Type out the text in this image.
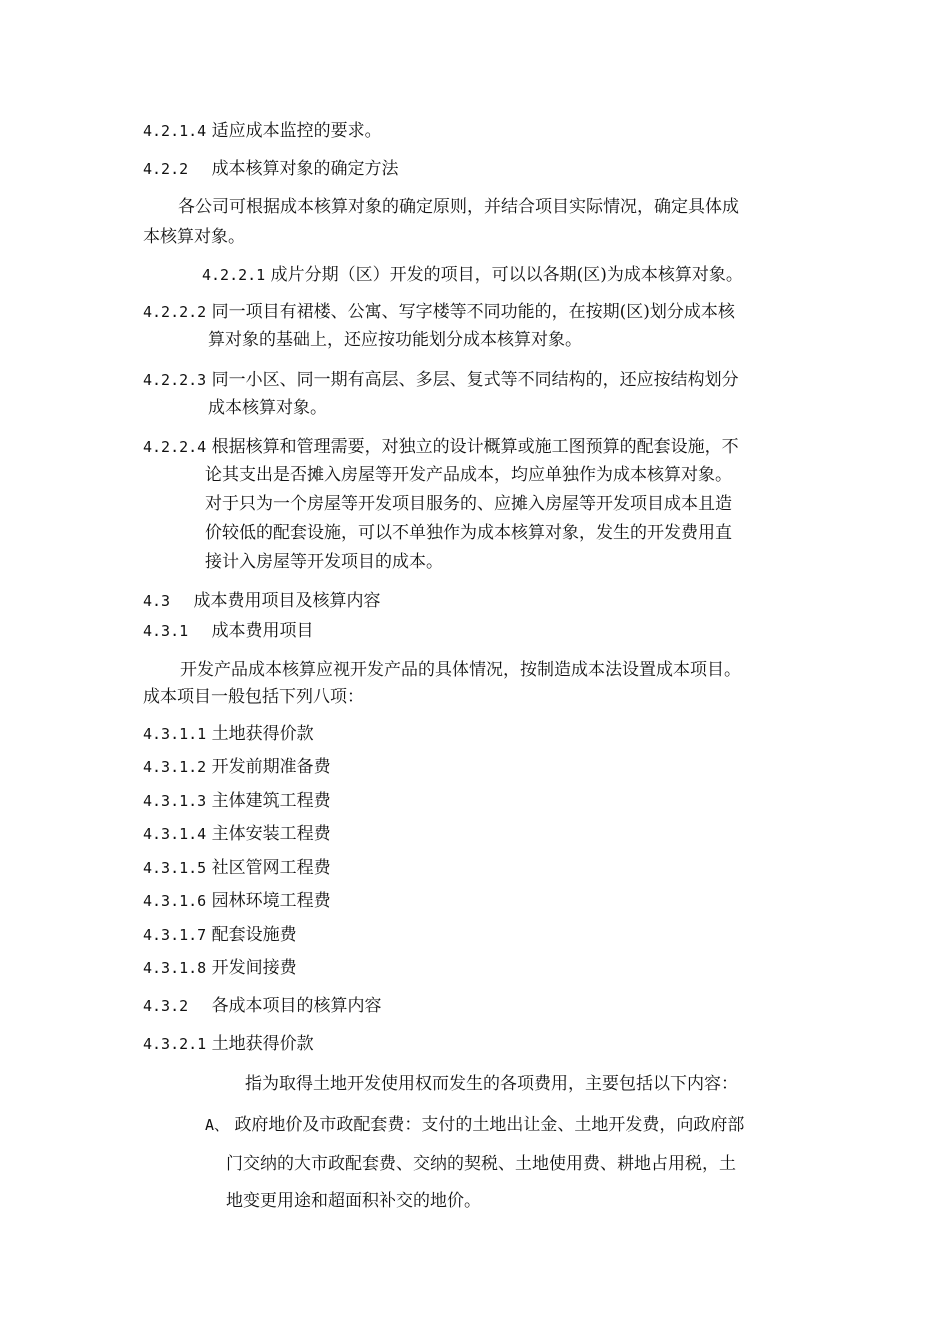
4.2.1.4 适应成本监控的要求。
4.2.2 成本核算对象的确定方法
各公司可根据成本核算对象的确定原则，并结合项目实际情况，确定具体成
本核算对象。
4.2.2.1 成片分期（区）开发的项目，可以以各期(区)为成本核算对象。
4.2.2.2 同一项目有裙楼、公寓、写字楼等不同功能的，在按期(区)划分成本核
算对象的基础上，还应按功能划分成本核算对象。
4.2.2.3 同一小区、同一期有高层、多层、复式等不同结构的，还应按结构划分
成本核算对象。
4.2.2.4 根据核算和管理需要，对独立的设计概算或施工图预算的配套设施，不
论其支出是否摊入房屋等开发产品成本，均应单独作为成本核算对象。
对于只为一个房屋等开发项目服务的、应摊入房屋等开发项目成本且造
价较低的配套设施，可以不单独作为成本核算对象，发生的开发费用直
接计入房屋等开发项目的成本。
4.3 成本费用项目及核算内容
4.3.1 成本费用项目
开发产品成本核算应视开发产品的具体情况，按制造成本法设置成本项目。
成本项目一般包括下列八项：
4.3.1.1 土地获得价款
4.3.1.2 开发前期准备费
4.3.1.3 主体建筑工程费
4.3.1.4 主体安装工程费
4.3.1.5 社区管网工程费
4.3.1.6 园林环境工程费
4.3.1.7 配套设施费
4.3.1.8 开发间接费
4.3.2 各成本项目的核算内容
4.3.2.1 土地获得价款
指为取得土地开发使用权而发生的各项费用，主要包括以下内容：
A、 政府地价及市政配套费：支付的土地出让金、土地开发费，向政府部
门交纳的大市政配套费、交纳的契税、土地使用费、耕地占用税，土
地变更用途和超面积补交的地价。
